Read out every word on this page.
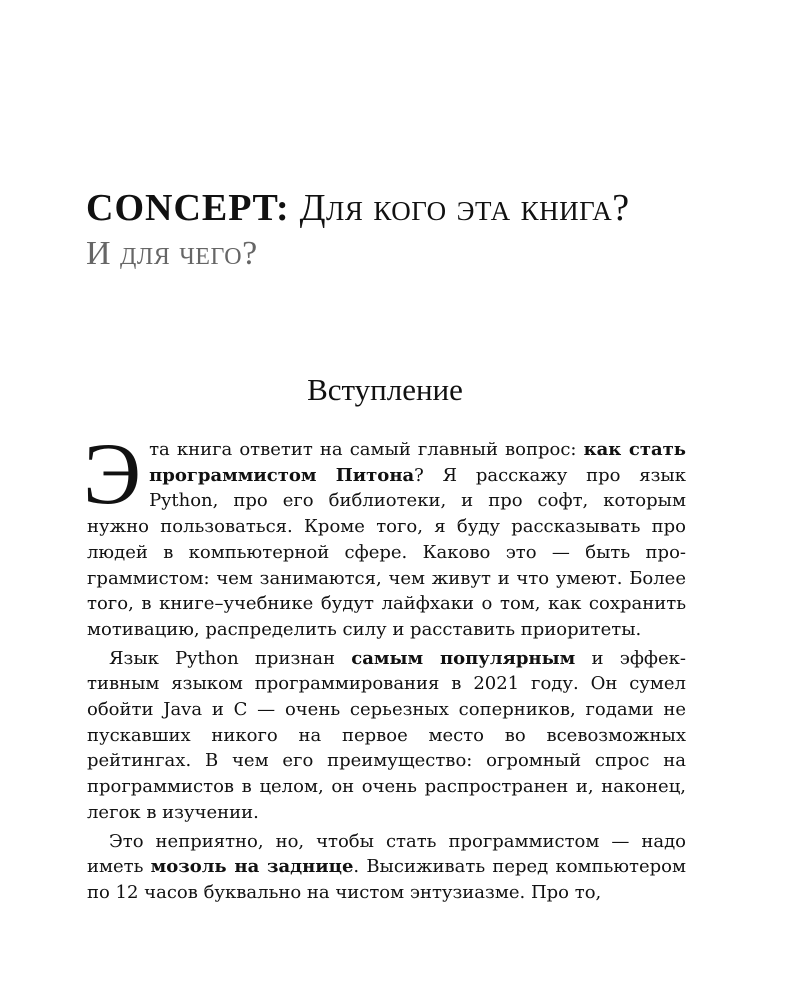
CONCEPT: Для кого эта книга?
И для чего?
Вступление

Эта книга ответит на самый главный вопрос: как стать программистом Питона? Я расскажу про язык Python, про его библиотеки, и про софт, которым нужно пользоваться. Кроме того, я буду рассказывать про людей в компьютерной сфере. Каково это — быть программистом: чем занимаются, чем живут и что умеют. Более того, в книге–учебнике будут лайфхаки о том, как сохранить мотивацию, распределить силу и расставить приоритеты.

Язык Python признан самым популярным и эффективным языком программирования в 2021 году. Он сумел обойти Java и С — очень серьезных соперников, годами не пускавших никого на первое место во всевозможных рейтингах. В чем его преимущество: огромный спрос на программистов в целом, он очень распространен и, наконец, легок в изучении.

Это неприятно, но, чтобы стать программистом — надо иметь мозоль на заднице. Высиживать перед компьютером по 12 часов буквально на чистом энтузиазме. Про то,
